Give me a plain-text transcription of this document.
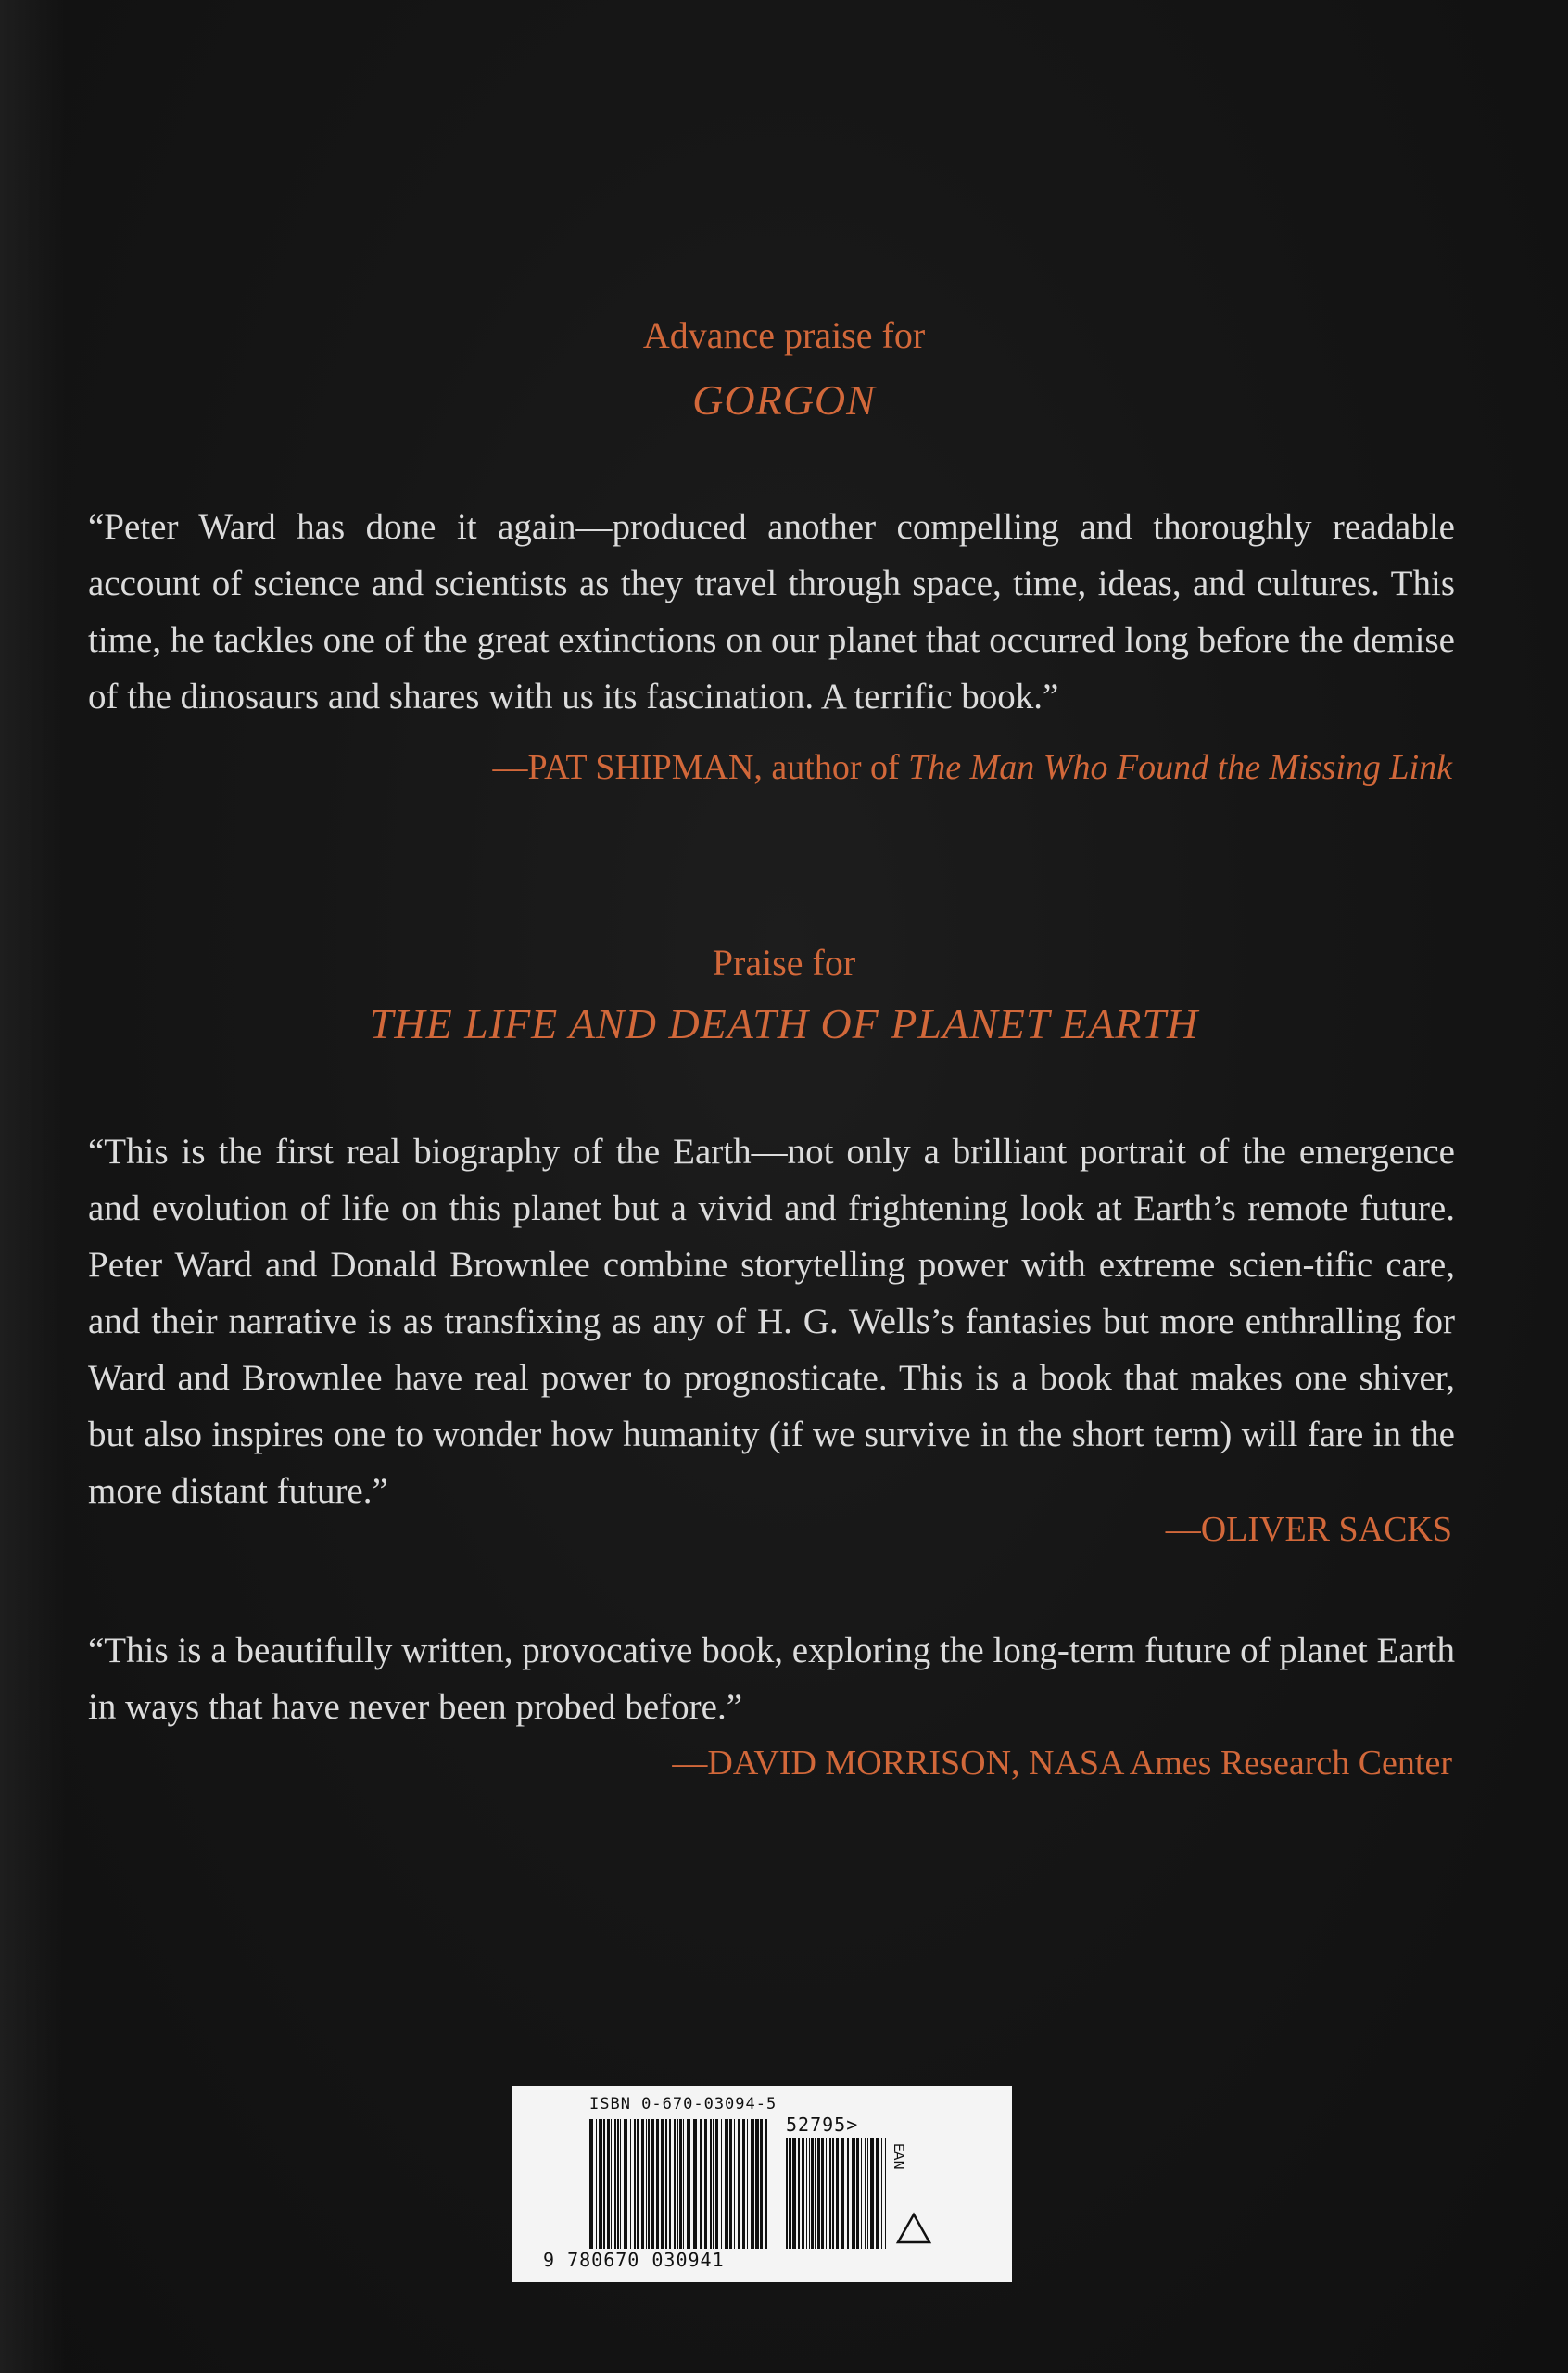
Advance praise for
GORGON
“Peter Ward has done it again—produced another compelling and thoroughly readable account of science and scientists as they travel through space, time, ideas, and cultures. This time, he tackles one of the great extinctions on our planet that occurred long before the demise of the dinosaurs and shares with us its fascination. A terrific book.”
—PAT SHIPMAN, author of The Man Who Found the Missing Link
Praise for
THE LIFE AND DEATH OF PLANET EARTH
“This is the first real biography of the Earth—not only a brilliant portrait of the emergence and evolution of life on this planet but a vivid and frightening look at Earth’s remote future. Peter Ward and Donald Brownlee combine storytelling power with extreme scien-tific care, and their narrative is as transfixing as any of H. G. Wells’s fantasies but more enthralling for Ward and Brownlee have real power to prognosticate. This is a book that makes one shiver, but also inspires one to wonder how humanity (if we survive in the short term) will fare in the more distant future.”
—OLIVER SACKS
“This is a beautifully written, provocative book, exploring the long-term future of planet Earth in ways that have never been probed before.”
—DAVID MORRISON, NASA Ames Research Center
ISBN 0-670-03094-5
52795>
9 780670 030941
EAN
